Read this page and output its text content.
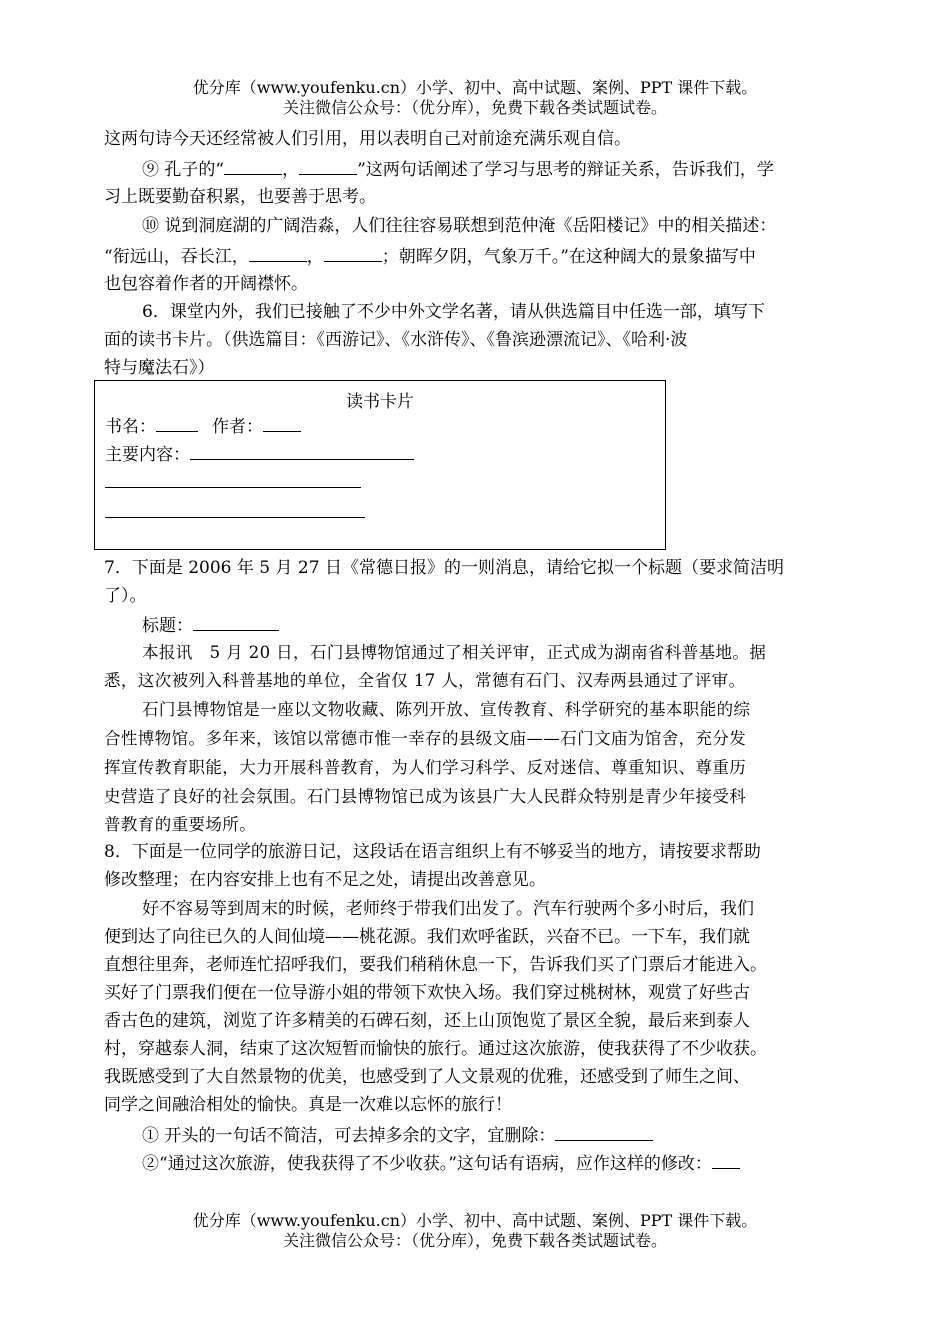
优分库（www.youfenku.cn）小学、初中、高中试题、案例、PPT 课件下载。
关注微信公众号：（优分库），免费下载各类试题试卷。
这两句诗今天还经常被人们引用，用以表明自己对前途充满乐观自信。
⑨ 孔子的“	，	”这两句话阐述了学习与思考的辩证关系，告诉我们，学
习上既要勤奋积累，也要善于思考。
⑩ 说到洞庭湖的广阔浩淼，人们往往容易联想到范仲淹《岳阳楼记》中的相关描述：
“衔远山，吞长江，	，	；朝晖夕阴，气象万千。”在这种阔大的景象描写中
也包容着作者的开阔襟怀。
6．课堂内外，我们已接触了不少中外文学名著，请从供选篇目中任选一部，填写下
面的读书卡片。（供选篇目：《西游记》、《水浒传》、《鲁滨逊漂流记》、《哈利·波
特与魔法石》）
读书卡片
书名：	作者：
主要内容：
7．下面是 2006 年 5 月 27 日《常德日报》的一则消息，请给它拟一个标题（要求简洁明
了）。
标题：
本报讯　5 月 20 日，石门县博物馆通过了相关评审，正式成为湖南省科普基地。据
悉，这次被列入科普基地的单位，全省仅 17 人，常德有石门、汉寿两县通过了评审。
石门县博物馆是一座以文物收藏、陈列开放、宣传教育、科学研究的基本职能的综
合性博物馆。多年来，该馆以常德市惟一幸存的县级文庙——石门文庙为馆舍，充分发
挥宣传教育职能，大力开展科普教育，为人们学习科学、反对迷信、尊重知识、尊重历
史营造了良好的社会氛围。石门县博物馆已成为该县广大人民群众特别是青少年接受科
普教育的重要场所。
8．下面是一位同学的旅游日记，这段话在语言组织上有不够妥当的地方，请按要求帮助
修改整理；在内容安排上也有不足之处，请提出改善意见。
好不容易等到周末的时候，老师终于带我们出发了。汽车行驶两个多小时后，我们
便到达了向往已久的人间仙境——桃花源。我们欢呼雀跃，兴奋不已。一下车，我们就
直想往里奔，老师连忙招呼我们，要我们稍稍休息一下，告诉我们买了门票后才能进入。
买好了门票我们便在一位导游小姐的带领下欢快入场。我们穿过桃树林，观赏了好些古
香古色的建筑，浏览了许多精美的石碑石刻，还上山顶饱览了景区全貌，最后来到泰人
村，穿越泰人洞，结束了这次短暂而愉快的旅行。通过这次旅游，使我获得了不少收获。
我既感受到了大自然景物的优美，也感受到了人文景观的优雅，还感受到了师生之间、
同学之间融洽相处的愉快。真是一次难以忘怀的旅行！
① 开头的一句话不简洁，可去掉多余的文字，宜删除：
②“通过这次旅游，使我获得了不少收获。”这句话有语病，应作这样的修改：
优分库（www.youfenku.cn）小学、初中、高中试题、案例、PPT 课件下载。
关注微信公众号：（优分库），免费下载各类试题试卷。
